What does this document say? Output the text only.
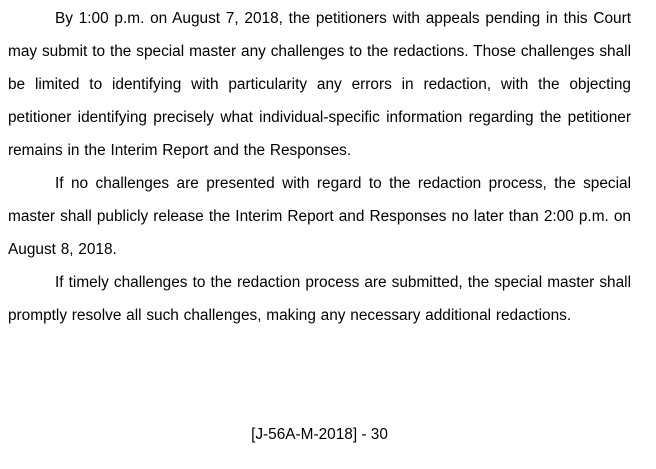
By 1:00 p.m. on August 7, 2018, the petitioners with appeals pending in this Court may submit to the special master any challenges to the redactions. Those challenges shall be limited to identifying with particularity any errors in redaction, with the objecting petitioner identifying precisely what individual-specific information regarding the petitioner remains in the Interim Report and the Responses.

If no challenges are presented with regard to the redaction process, the special master shall publicly release the Interim Report and Responses no later than 2:00 p.m. on August 8, 2018.

If timely challenges to the redaction process are submitted, the special master shall promptly resolve all such challenges, making any necessary additional redactions.

[J-56A-M-2018] - 30
